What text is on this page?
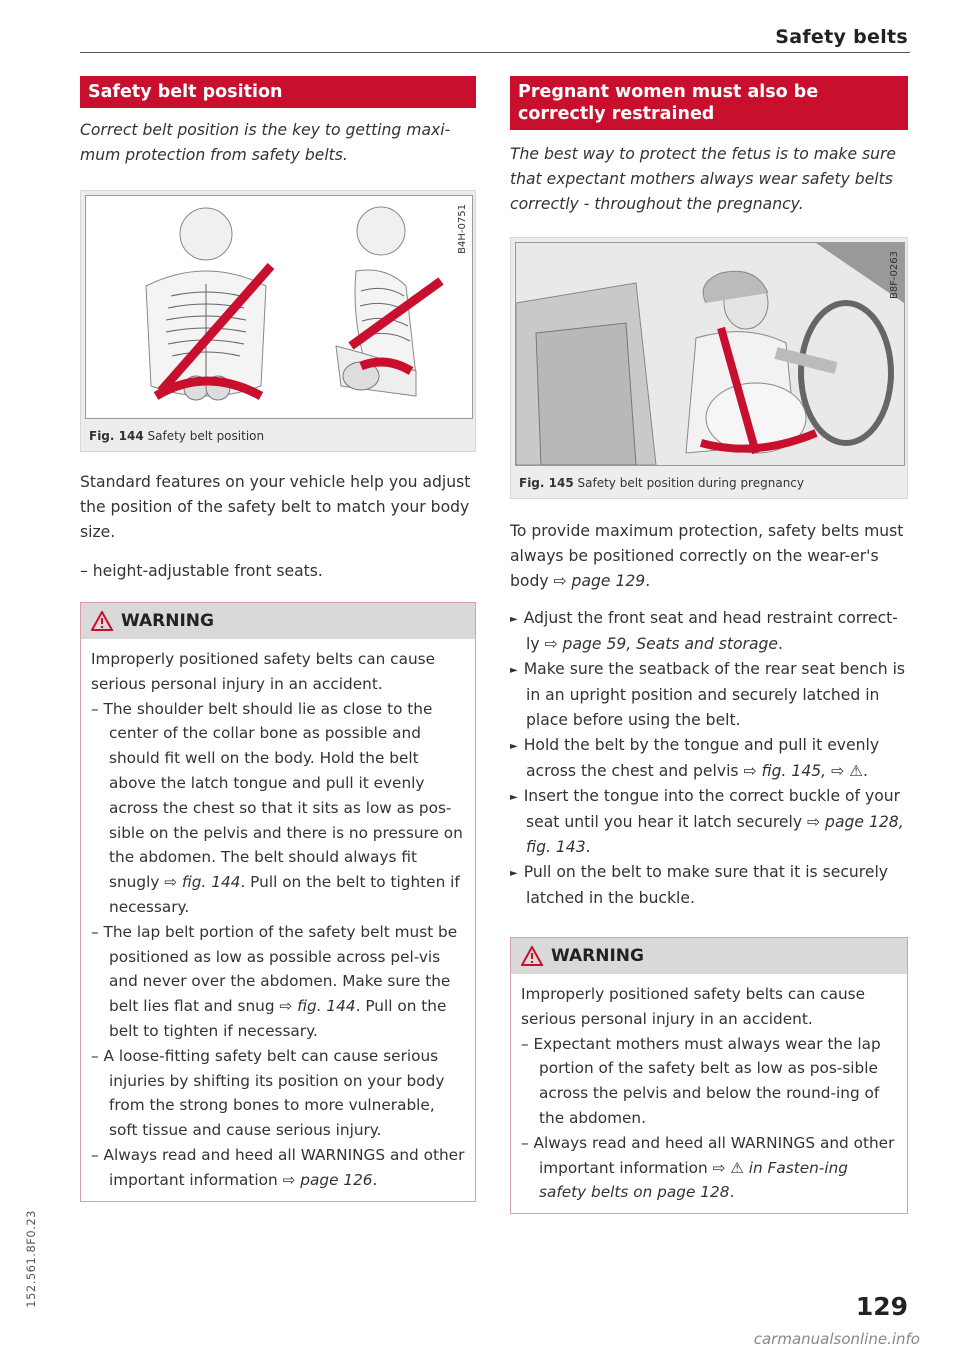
Safety belts
Safety belt position
Correct belt position is the key to getting maxi-mum protection from safety belts.
B4H-0751
Fig. 144 Safety belt position

Standard features on your vehicle help you adjust the position of the safety belt to match your body size.

– height-adjustable front seats.
WARNING
Improperly positioned safety belts can cause serious personal injury in an accident.
– The shoulder belt should lie as close to the center of the collar bone as possible and should fit well on the body. Hold the belt above the latch tongue and pull it evenly across the chest so that it sits as low as pos-sible on the pelvis and there is no pressure on the abdomen. The belt should always fit snugly ⇨ fig. 144. Pull on the belt to tighten if necessary.
– The lap belt portion of the safety belt must be positioned as low as possible across pel-vis and never over the abdomen. Make sure the belt lies flat and snug ⇨ fig. 144. Pull on the belt to tighten if necessary.
– A loose-fitting safety belt can cause serious injuries by shifting its position on your body from the strong bones to more vulnerable, soft tissue and cause serious injury.
– Always read and heed all WARNINGS and other important information ⇨ page 126.
Pregnant women must also be correctly restrained
The best way to protect the fetus is to make sure that expectant mothers always wear safety belts correctly - throughout the pregnancy.
B8F-0263
Fig. 145 Safety belt position during pregnancy

To provide maximum protection, safety belts must always be positioned correctly on the wear-er's body ⇨ page 129.

► Adjust the front seat and head restraint correct-ly ⇨ page 59, Seats and storage.
► Make sure the seatback of the rear seat bench is in an upright position and securely latched in place before using the belt.
► Hold the belt by the tongue and pull it evenly across the chest and pelvis ⇨ fig. 145, ⇨ ⚠.
► Insert the tongue into the correct buckle of your seat until you hear it latch securely ⇨ page 128, fig. 143.
► Pull on the belt to make sure that it is securely latched in the buckle.
WARNING
Improperly positioned safety belts can cause serious personal injury in an accident.
– Expectant mothers must always wear the lap portion of the safety belt as low as pos-sible across the pelvis and below the round-ing of the abdomen.
– Always read and heed all WARNINGS and other important information ⇨ ⚠ in Fasten-ing safety belts on page 128.
152.561.8F0.23	129
carmanualsonline.info
